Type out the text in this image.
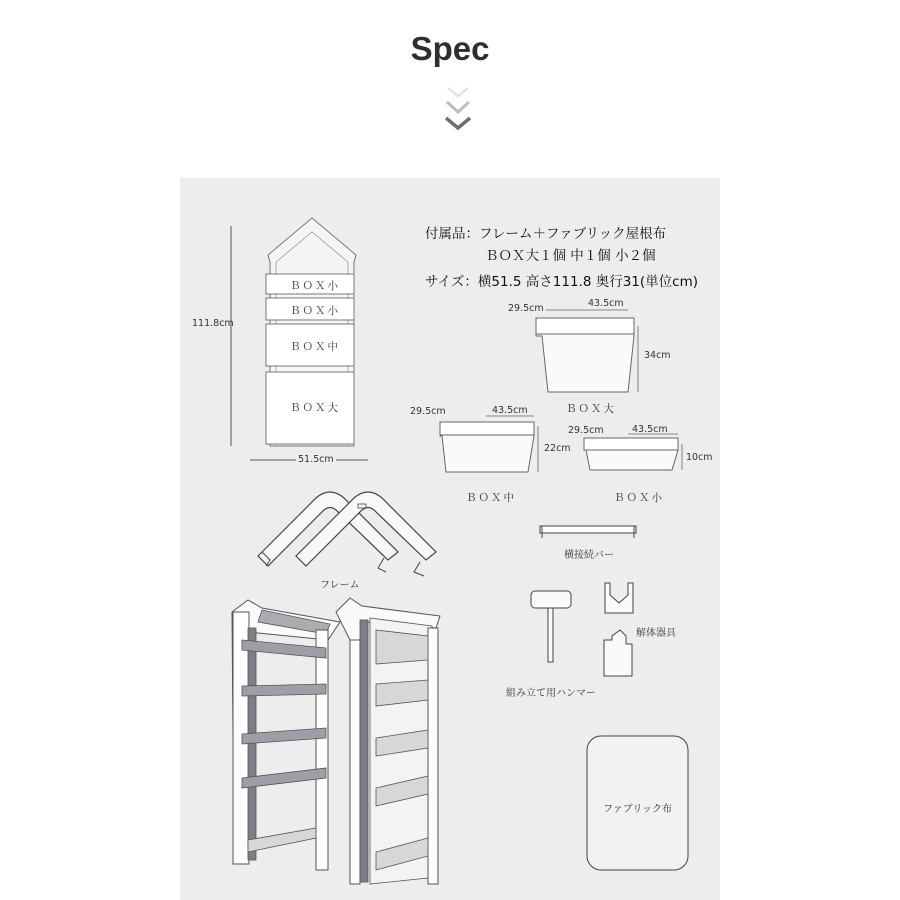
Spec
付属品：フレーム＋ファブリック屋根布
ＢＯＸ大１個 中１個 小２個
サイズ：横51.5 高さ111.8 奥行31(単位cm)
111.8cm
51.5cm
ＢＯＸ小
ＢＯＸ小
ＢＯＸ中
ＢＯＸ大
29.5cm	43.5cm
34cm
ＢＯＸ大
29.5cm	43.5cm
22cm
ＢＯＸ中
29.5cm	43.5cm
10cm
ＢＯＸ小
フレーム
横接続バー
組み立て用ハンマー
解体器具
ファブリック布
